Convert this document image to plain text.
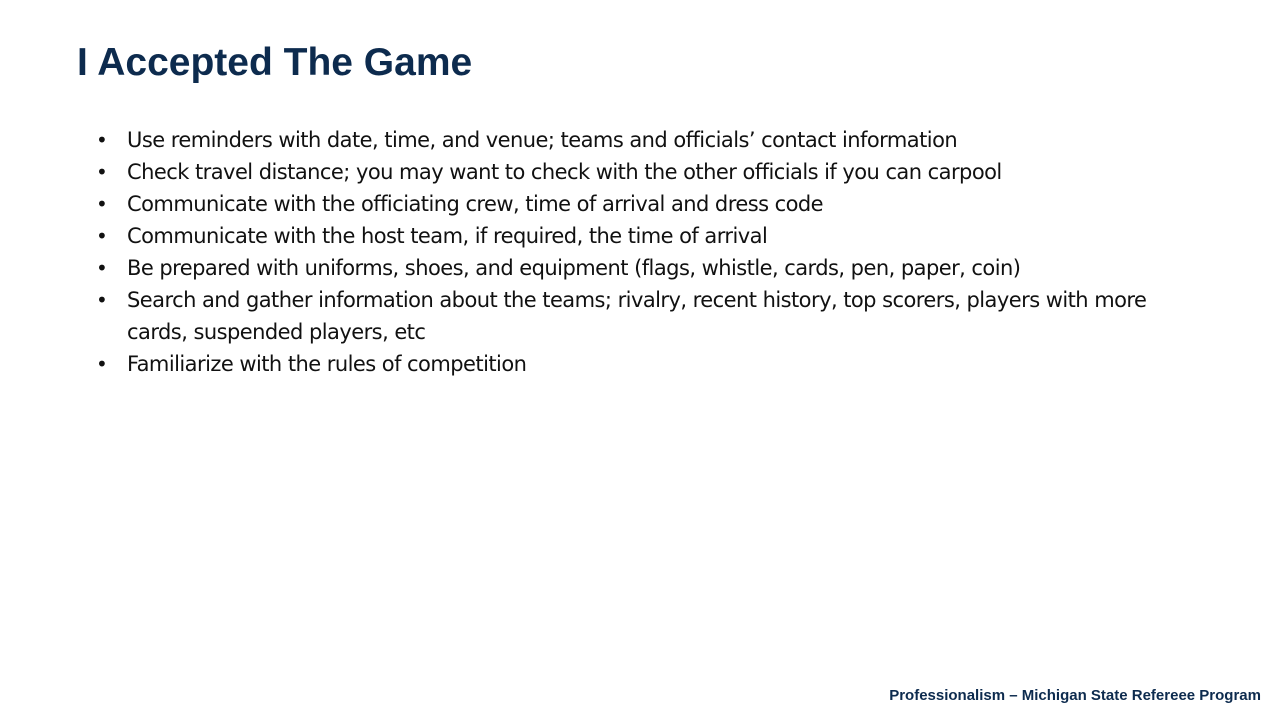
I Accepted The Game
• Use reminders with date, time, and venue; teams and officials’ contact information
• Check travel distance; you may want to check with the other officials if you can carpool
• Communicate with the officiating crew, time of arrival and dress code
• Communicate with the host team, if required, the time of arrival
• Be prepared with uniforms, shoes, and equipment (flags, whistle, cards, pen, paper, coin)
• Search and gather information about the teams; rivalry, recent history, top scorers, players with more cards, suspended players, etc
• Familiarize with the rules of competition
Professionalism – Michigan State Refereee Program
